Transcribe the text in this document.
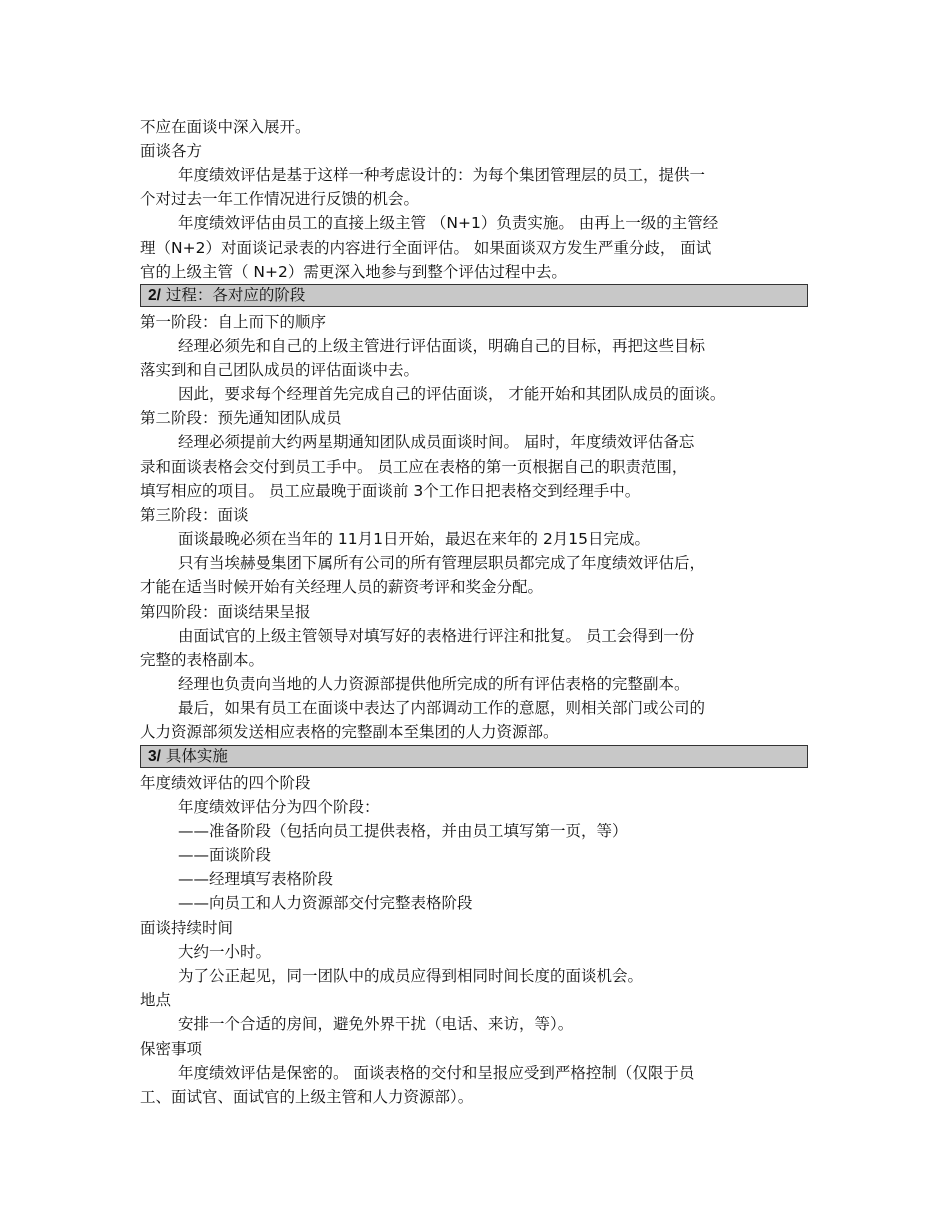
不应在面谈中深入展开。
面谈各方
年度绩效评估是基于这样一种考虑设计的：为每个集团管理层的员工，提供一
个对过去一年工作情况进行反馈的机会。
年度绩效评估由员工的直接上级主管 （N+1）负责实施。 由再上一级的主管经
理（N+2）对面谈记录表的内容进行全面评估。 如果面谈双方发生严重分歧， 面试
官的上级主管（ N+2）需更深入地参与到整个评估过程中去。
2/ 过程：各对应的阶段
第一阶段：自上而下的顺序
经理必须先和自己的上级主管进行评估面谈，明确自己的目标，再把这些目标
落实到和自己团队成员的评估面谈中去。
因此，要求每个经理首先完成自己的评估面谈， 才能开始和其团队成员的面谈。
第二阶段：预先通知团队成员
经理必须提前大约两星期通知团队成员面谈时间。 届时，年度绩效评估备忘
录和面谈表格会交付到员工手中。 员工应在表格的第一页根据自己的职责范围，
填写相应的项目。 员工应最晚于面谈前 3个工作日把表格交到经理手中。
第三阶段：面谈
面谈最晚必须在当年的 11月1日开始，最迟在来年的 2月15日完成。
只有当埃赫曼集团下属所有公司的所有管理层职员都完成了年度绩效评估后，
才能在适当时候开始有关经理人员的薪资考评和奖金分配。
第四阶段：面谈结果呈报
由面试官的上级主管领导对填写好的表格进行评注和批复。 员工会得到一份
完整的表格副本。
经理也负责向当地的人力资源部提供他所完成的所有评估表格的完整副本。
最后，如果有员工在面谈中表达了内部调动工作的意愿，则相关部门或公司的
人力资源部须发送相应表格的完整副本至集团的人力资源部。
3/ 具体实施
年度绩效评估的四个阶段
年度绩效评估分为四个阶段：
——准备阶段（包括向员工提供表格，并由员工填写第一页，等）
——面谈阶段
——经理填写表格阶段
——向员工和人力资源部交付完整表格阶段
面谈持续时间
大约一小时。
为了公正起见，同一团队中的成员应得到相同时间长度的面谈机会。
地点
安排一个合适的房间，避免外界干扰（电话、来访，等）。
保密事项
年度绩效评估是保密的。 面谈表格的交付和呈报应受到严格控制（仅限于员
工、面试官、面试官的上级主管和人力资源部）。
